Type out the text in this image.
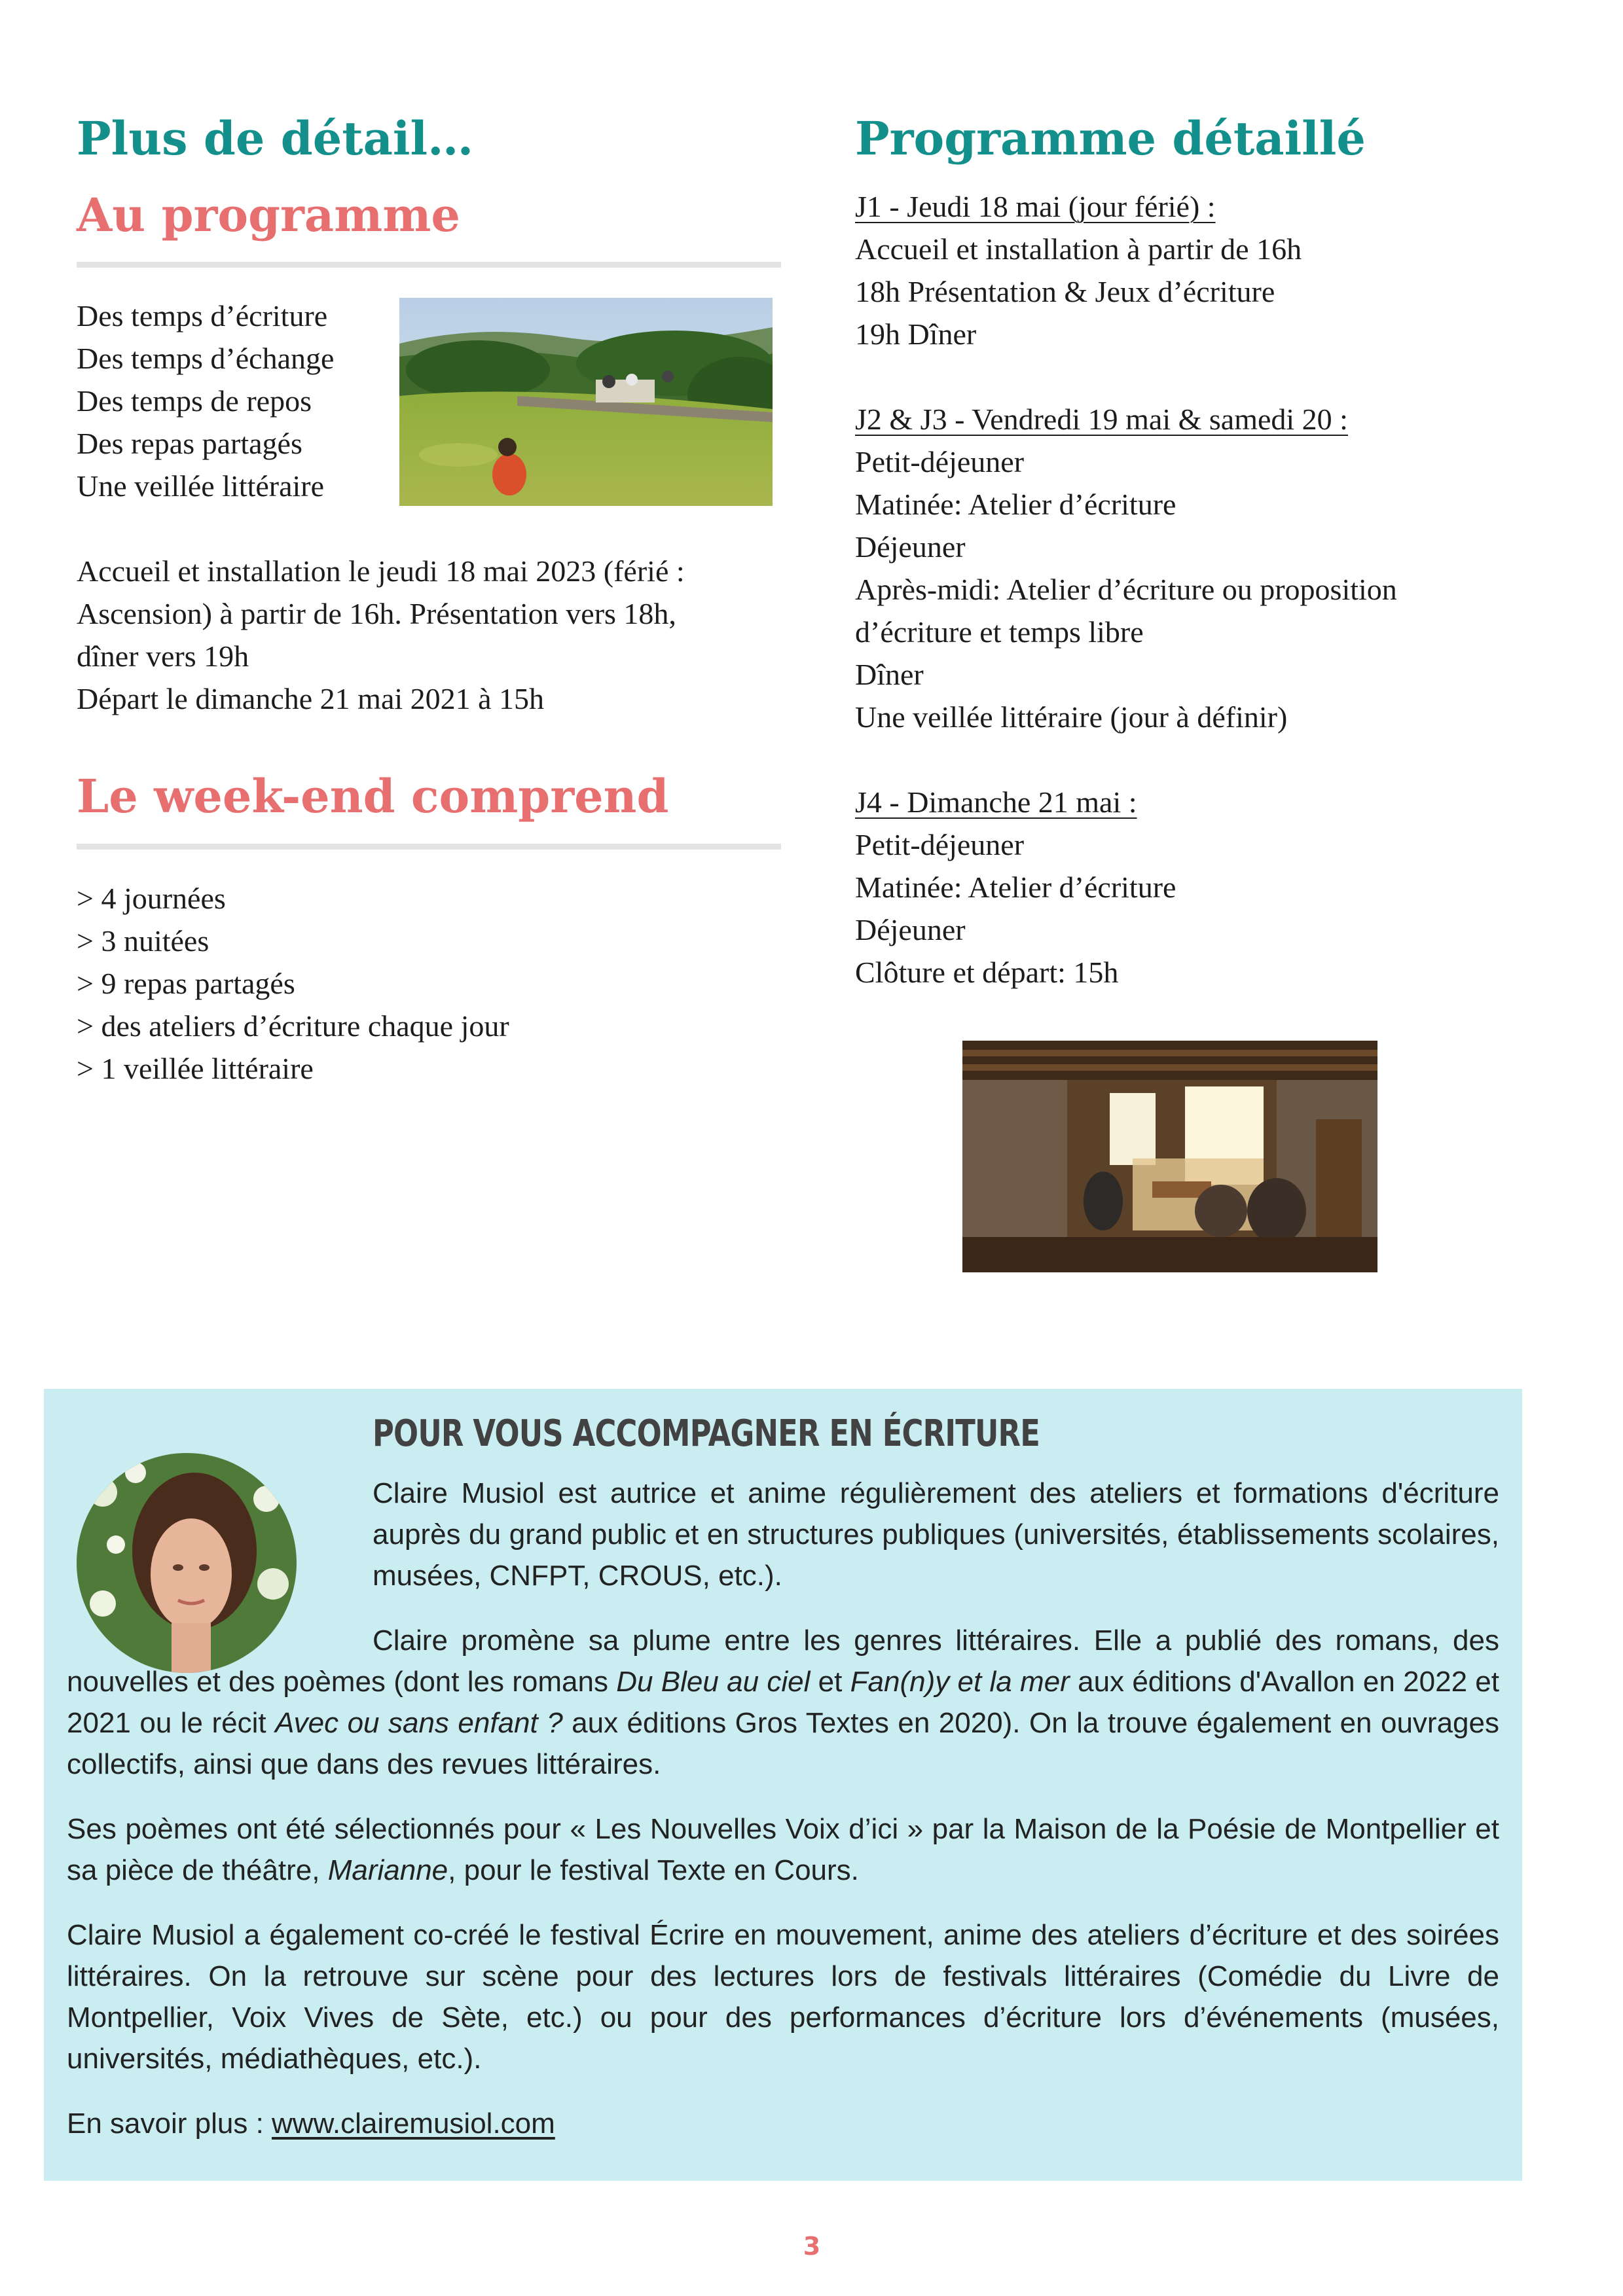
Plus de détail…
Au programme
Des temps d’écriture
Des temps d’échange
Des temps de repos
Des repas partagés
Une veillée littéraire
Accueil et installation le jeudi 18 mai 2023 (férié :
Ascension) à partir de 16h. Présentation vers 18h,
dîner vers 19h
Départ le dimanche 21 mai 2021 à 15h
Le week-end comprend
> 4 journées
> 3 nuitées
> 9 repas partagés
> des ateliers d’écriture chaque jour
> 1 veillée littéraire
Programme détaillé
J1 - Jeudi 18 mai (jour férié) :
Accueil et installation à partir de 16h
18h Présentation & Jeux d’écriture
19h Dîner
J2 & J3 - Vendredi 19 mai & samedi 20 :
Petit-déjeuner
Matinée: Atelier d’écriture
Déjeuner
Après-midi: Atelier d’écriture ou proposition
d’écriture et temps libre
Dîner
Une veillée littéraire (jour à définir)
J4 - Dimanche 21 mai :
Petit-déjeuner
Matinée: Atelier d’écriture
Déjeuner
Clôture et départ: 15h
POUR VOUS ACCOMPAGNER EN ÉCRITURE

Claire Musiol est autrice et anime régulièrement des ateliers et formations d'écriture auprès du grand public et en structures publiques (universités, établissements scolaires, musées, CNFPT, CROUS, etc.).

Claire promène sa plume entre les genres littéraires. Elle a publié des romans, des nouvelles et des poèmes (dont les romans Du Bleu au ciel et Fan(n)y et la mer aux éditions d'Avallon en 2022 et 2021 ou le récit Avec ou sans enfant ? aux éditions Gros Textes en 2020). On la trouve également en ouvrages collectifs, ainsi que dans des revues littéraires.

Ses poèmes ont été sélectionnés pour « Les Nouvelles Voix d’ici » par la Maison de la Poésie de Montpellier et sa pièce de théâtre, Marianne, pour le festival Texte en Cours.

Claire Musiol a également co-créé le festival Écrire en mouvement, anime des ateliers d’écriture et des soirées littéraires. On la retrouve sur scène pour des lectures lors de festivals littéraires (Comédie du Livre de Montpellier, Voix Vives de Sète, etc.) ou pour des performances d’écriture lors d’événements (musées, universités, médiathèques, etc.).

En savoir plus : www.clairemusiol.com

3
